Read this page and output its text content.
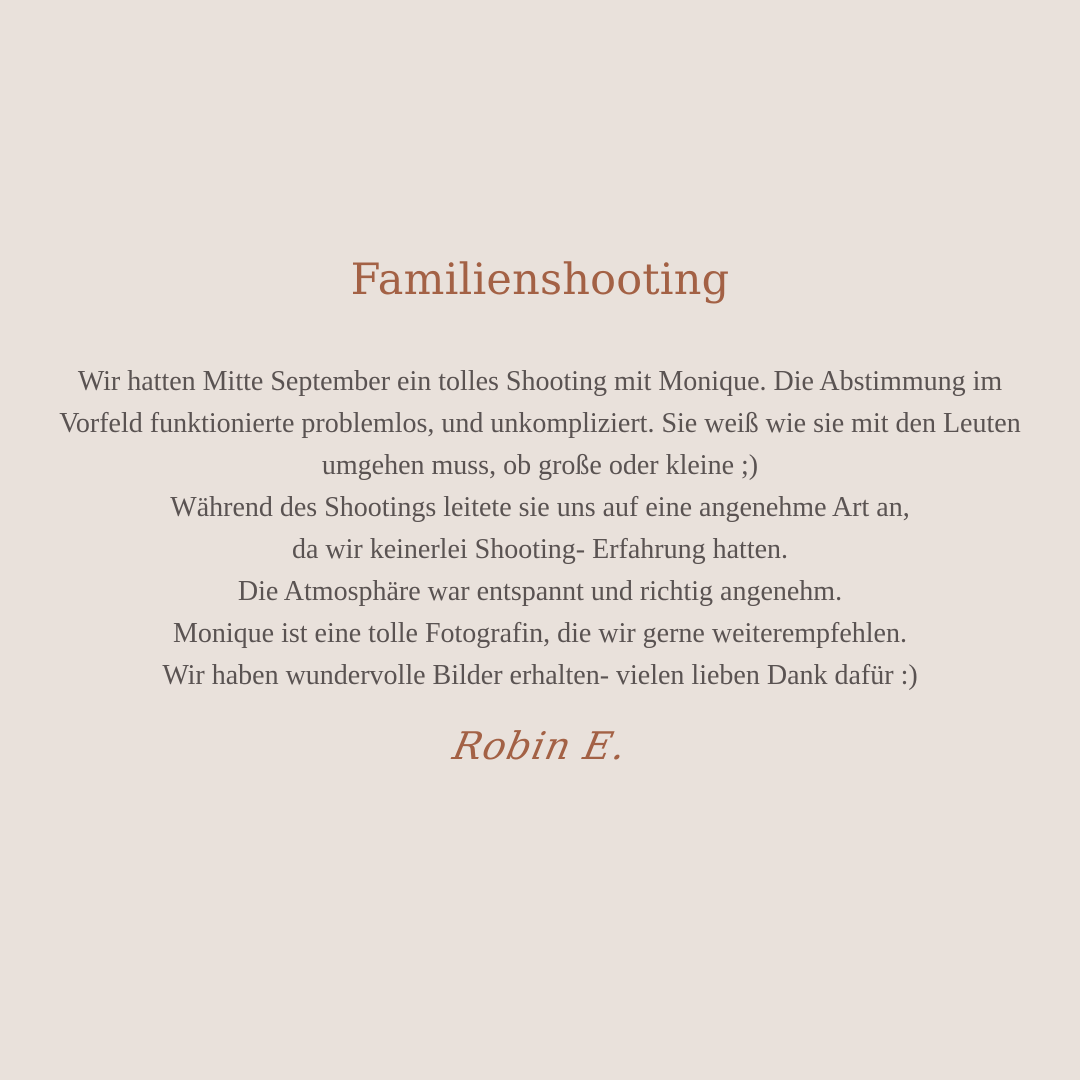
Familienshooting
Wir hatten Mitte September ein tolles Shooting mit Monique. Die Abstimmung im
Vorfeld funktionierte problemlos, und unkompliziert. Sie weiß wie sie mit den Leuten
umgehen muss, ob große oder kleine ;)
Während des Shootings leitete sie uns auf eine angenehme Art an,
da wir keinerlei Shooting- Erfahrung hatten.
Die Atmosphäre war entspannt und richtig angenehm.
Monique ist eine tolle Fotografin, die wir gerne weiterempfehlen.
Wir haben wundervolle Bilder erhalten- vielen lieben Dank dafür :)
Robin E.
